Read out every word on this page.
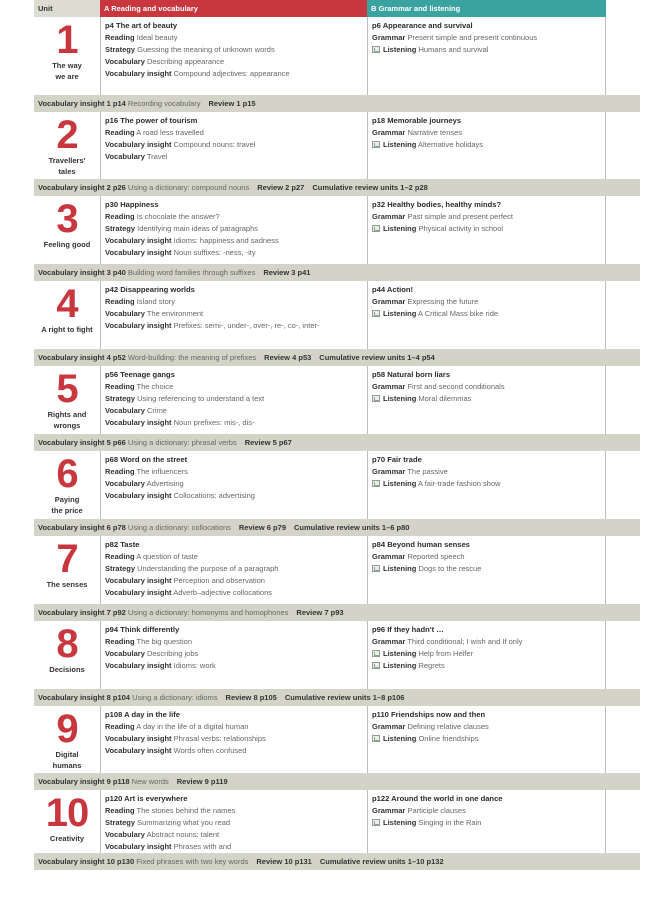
Unit	A Reading and vocabulary	B Grammar and listening
1
The way
we are
p4 The art of beauty
Reading Ideal beauty
Strategy Guessing the meaning of unknown words
Vocabulary Describing appearance
Vocabulary insight Compound adjectives: appearance
p6 Appearance and survival
Grammar Present simple and present continuous
Listening Humans and survival
Vocabulary insight 1 p14 Recording vocabulary Review 1 p15
2
Travellers'
tales
p16 The power of tourism
Reading A road less travelled
Vocabulary insight Compound nouns: travel
Vocabulary Travel
p18 Memorable journeys
Grammar Narrative tenses
Listening Alternative holidays
Vocabulary insight 2 p26 Using a dictionary: compound nouns Review 2 p27 Cumulative review units 1–2 p28
3
Feeling good
p30 Happiness
Reading Is chocolate the answer?
Strategy Identifying main ideas of paragraphs
Vocabulary insight Idioms: happiness and sadness
Vocabulary insight Noun suffixes: -ness, -ity
p32 Healthy bodies, healthy minds?
Grammar Past simple and present perfect
Listening Physical activity in school
Vocabulary insight 3 p40 Building word families through suffixes Review 3 p41
4
A right to fight
p42 Disappearing worlds
Reading Island story
Vocabulary The environment
Vocabulary insight Prefixes: semi-, under-, over-, re-, co-, inter-
p44 Action!
Grammar Expressing the future
Listening A Critical Mass bike ride
Vocabulary insight 4 p52 Word-building: the meaning of prefixes Review 4 p53 Cumulative review units 1–4 p54
5
Rights and
wrongs
p56 Teenage gangs
Reading The choice
Strategy Using referencing to understand a text
Vocabulary Crime
Vocabulary insight Noun prefixes: mis-, dis-
p58 Natural born liars
Grammar First and second conditionals
Listening Moral dilemmas
Vocabulary insight 5 p66 Using a dictionary: phrasal verbs Review 5 p67
6
Paying
the price
p68 Word on the street
Reading The influencers
Vocabulary Advertising
Vocabulary insight Collocations: advertising
p70 Fair trade
Grammar The passive
Listening A fair-trade fashion show
Vocabulary insight 6 p78 Using a dictionary: collocations Review 6 p79 Cumulative review units 1–6 p80
7
The senses
p82 Taste
Reading A question of taste
Strategy Understanding the purpose of a paragraph
Vocabulary insight Perception and observation
Vocabulary insight Adverb–adjective collocations
p84 Beyond human senses
Grammar Reported speech
Listening Dogs to the rescue
Vocabulary insight 7 p92 Using a dictionary: homonyms and homophones Review 7 p93
8
Decisions
p94 Think differently
Reading The big question
Vocabulary Describing jobs
Vocabulary insight Idioms: work
p96 If they hadn't …
Grammar Third conditional; I wish and If only
Listening Help from Heifer
Listening Regrets
Vocabulary insight 8 p104 Using a dictionary: idioms Review 8 p105 Cumulative review units 1–8 p106
9
Digital
humans
p108 A day in the life
Reading A day in the life of a digital human
Vocabulary insight Phrasal verbs: relationships
Vocabulary insight Words often confused
p110 Friendships now and then
Grammar Defining relative clauses
Listening Online friendships
Vocabulary insight 9 p118 New words Review 9 p119
10
Creativity
p120 Art is everywhere
Reading The stories behind the names
Strategy Summarizing what you read
Vocabulary Abstract nouns: talent
Vocabulary insight Phrases with and
p122 Around the world in one dance
Grammar Participle clauses
Listening Singing in the Rain
Vocabulary insight 10 p130 Fixed phrases with two key words Review 10 p131 Cumulative review units 1–10 p132
